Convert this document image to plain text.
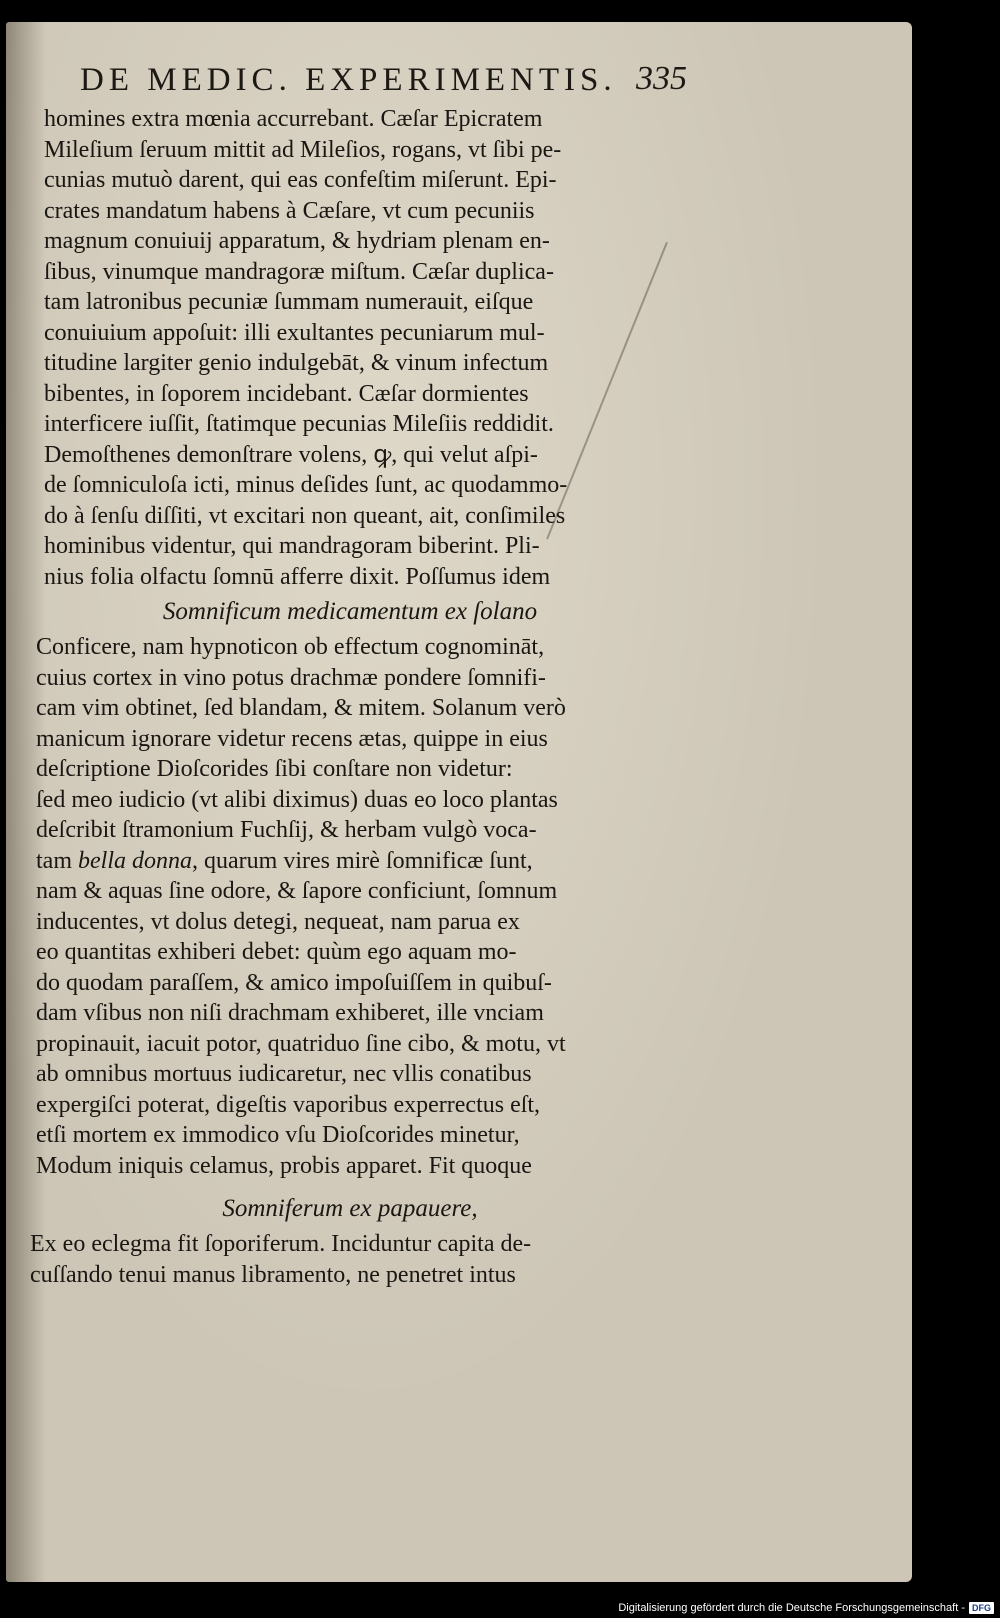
DE MEDIC. EXPERIMENTIS. 335
homines extra mœnia accurrebant. Cæſar Epicratem
Mileſium ſeruum mittit ad Mileſios, rogans, vt ſibi pe-
cunias mutuò darent, qui eas confeſtim miſerunt. Epi-
crates mandatum habens à Cæſare, vt cum pecuniis
magnum conuiuij apparatum, & hydriam plenam en-
ſibus, vinumque mandragoræ miſtum. Cæſar duplica-
tam latronibus pecuniæ ſummam numerauit, eiſque
conuiuium appoſuit: illi exultantes pecuniarum mul-
titudine largiter genio indulgebāt, & vinum infectum
bibentes, in ſoporem incidebant. Cæſar dormientes
interficere iuſſit, ſtatimque pecunias Mileſiis reddidit.
Demoſthenes demonſtrare volens, ꝙ, qui velut aſpi-
de ſomniculoſa icti, minus deſides ſunt, ac quodammo-
do à ſenſu diſſiti, vt excitari non queant, ait, conſimiles
hominibus videntur, qui mandragoram biberint. Pli-
nius folia olfactu ſomnū afferre dixit. Poſſumus idem
Somnificum medicamentum ex ſolano
Conficere, nam hypnoticon ob effectum cognomināt,
cuius cortex in vino potus drachmæ pondere ſomnifi-
cam vim obtinet, ſed blandam, & mitem. Solanum verò
manicum ignorare videtur recens ætas, quippe in eius
deſcriptione Dioſcorides ſibi conſtare non videtur:
ſed meo iudicio (vt alibi diximus) duas eo loco plantas
deſcribit ſtramonium Fuchſij, & herbam vulgò voca-
tam bella donna, quarum vires mirè ſomnificæ ſunt,
nam & aquas ſine odore, & ſapore conficiunt, ſomnum
inducentes, vt dolus detegi, nequeat, nam parua ex
eo quantitas exhiberi debet: quùm ego aquam mo-
do quodam paraſſem, & amico impoſuiſſem in quibuſ-
dam vſibus non niſi drachmam exhiberet, ille vnciam
propinauit, iacuit potor, quatriduo ſine cibo, & motu, vt
ab omnibus mortuus iudicaretur, nec vllis conatibus
expergiſci poterat, digeſtis vaporibus experrectus eſt,
etſi mortem ex immodico vſu Dioſcorides minetur,
Modum iniquis celamus, probis apparet. Fit quoque
Somniferum ex papauere,
Ex eo eclegma fit ſoporiferum. Inciduntur capita de-
cuſſando tenui manus libramento, ne penetret intus
Digitalisierung gefördert durch die Deutsche Forschungsgemeinschaft - DFG
